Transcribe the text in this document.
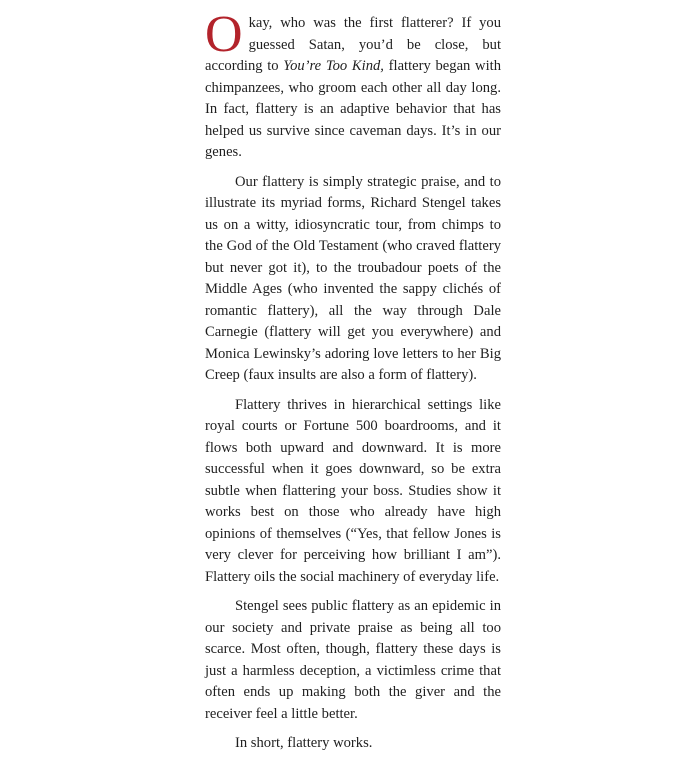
Okay, who was the first flatterer? If you guessed Satan, you’d be close, but according to You’re Too Kind, flattery began with chimpanzees, who groom each other all day long. In fact, flattery is an adaptive behavior that has helped us survive since caveman days. It’s in our genes.

Our flattery is simply strategic praise, and to illustrate its myriad forms, Richard Stengel takes us on a witty, idiosyncratic tour, from chimps to the God of the Old Testament (who craved flattery but never got it), to the troubadour poets of the Middle Ages (who invented the sappy clichés of romantic flattery), all the way through Dale Carnegie (flattery will get you everywhere) and Monica Lewinsky’s adoring love letters to her Big Creep (faux insults are also a form of flattery).

Flattery thrives in hierarchical settings like royal courts or Fortune 500 boardrooms, and it flows both upward and downward. It is more successful when it goes downward, so be extra subtle when flattering your boss. Studies show it works best on those who already have high opinions of themselves (“Yes, that fellow Jones is very clever for perceiving how brilliant I am”). Flattery oils the social machinery of everyday life.

Stengel sees public flattery as an epidemic in our society and private praise as being all too scarce. Most often, though, flattery these days is just a harmless deception, a victimless crime that often ends up making both the giver and the receiver feel a little better.

In short, flattery works.
